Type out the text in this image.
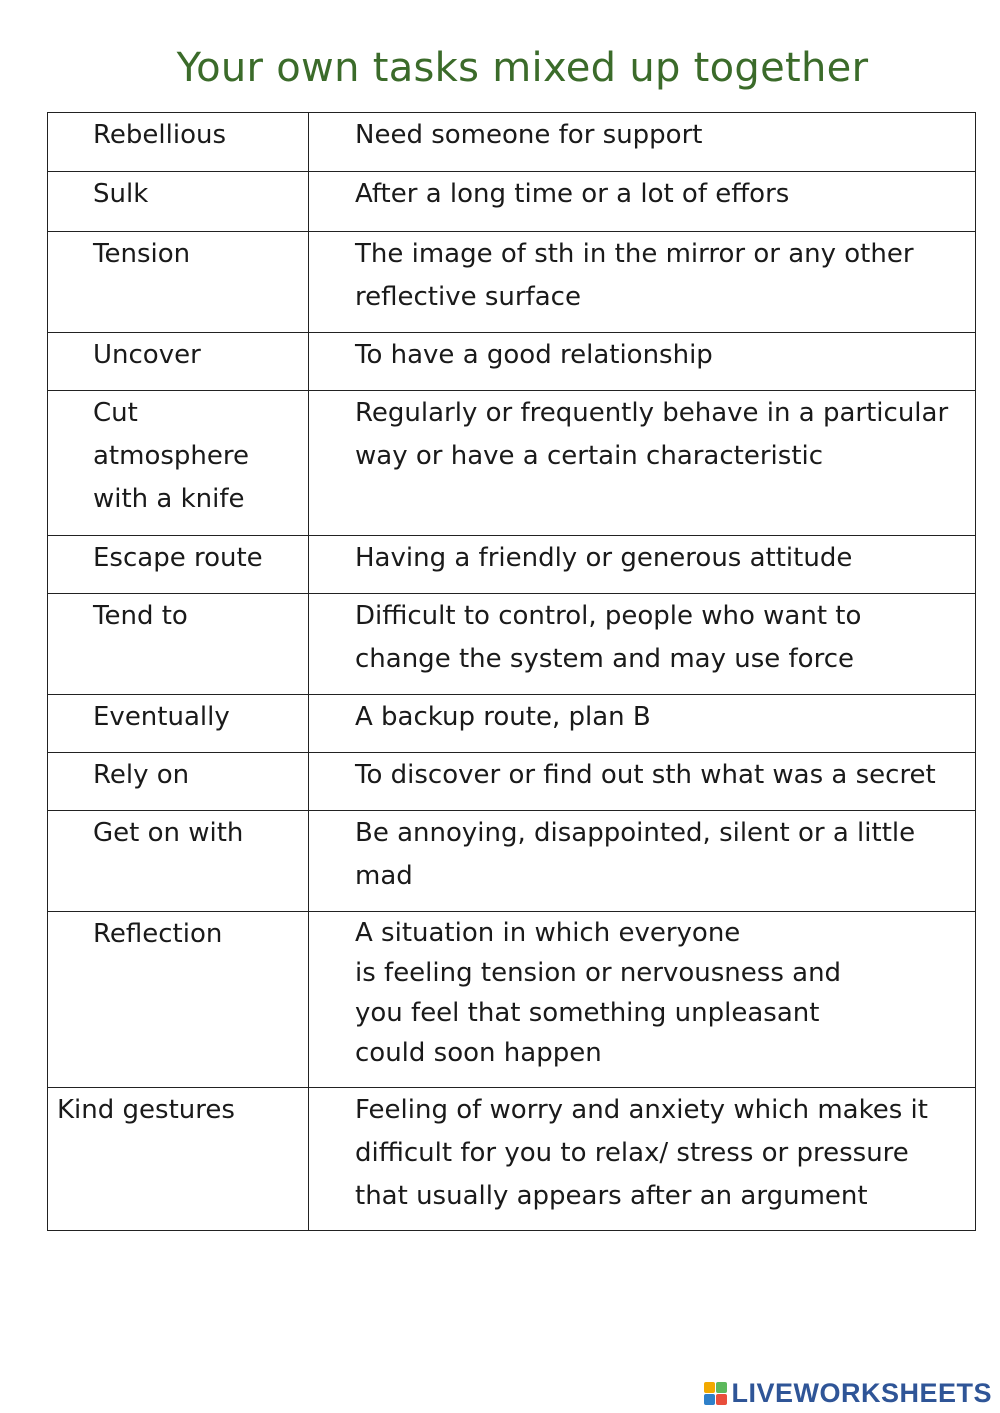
Your own tasks mixed up together
Rebellious	Need someone for support

Sulk	After a long time or a lot of effors

Tension	The image of sth in the mirror or any other
reflective surface

Uncover	To have a good relationship

Cut
atmosphere
with a knife	Regularly or frequently behave in a particular
way or have a certain characteristic

Escape route	Having a friendly or generous attitude

Tend to	Difficult to control, people who want to
change the system and may use force

Eventually	A backup route, plan B

Rely on	To discover or find out sth what was a secret

Get on with	Be annoying, disappointed, silent or a little
mad

Reflection	A situation in which everyone
is feeling tension or nervousness and
you feel that something unpleasant
could soon happen

Kind gestures	Feeling of worry and anxiety which makes it
difficult for you to relax/ stress or pressure
that usually appears after an argument
LIVEWORKSHEETS
